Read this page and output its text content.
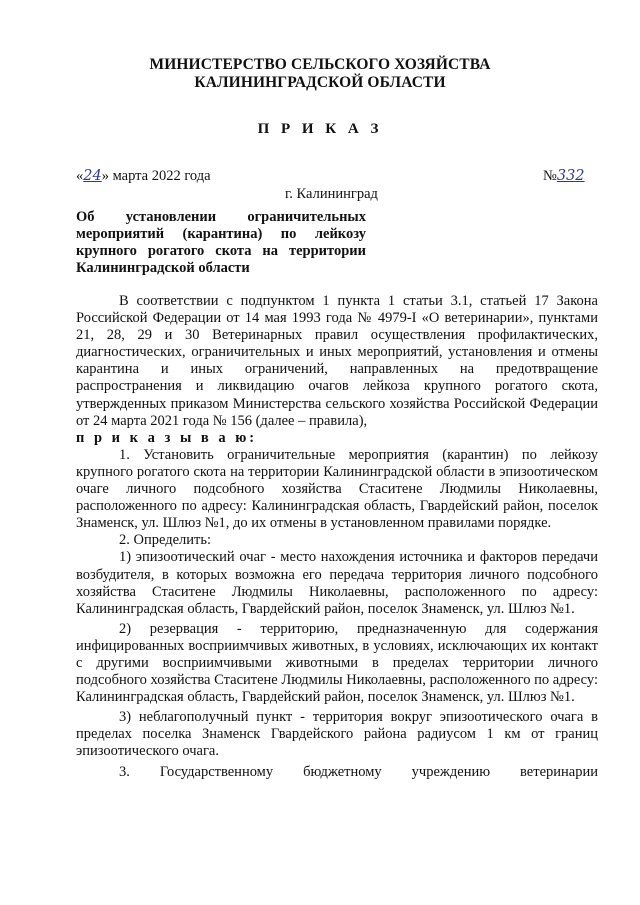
МИНИСТЕРСТВО СЕЛЬСКОГО ХОЗЯЙСТВА
КАЛИНИНГРАДСКОЙ ОБЛАСТИ
П Р И К А З
«24» марта 2022 года	№332
г. Калининград
Об установлении ограничительных
мероприятий (карантина) по лейкозу
крупного рогатого скота на территории
Калининградской области

В соответствии с подпунктом 1 пункта 1 статьи 3.1, статьей 17 Закона Российской Федерации от 14 мая 1993 года № 4979-I «О ветеринарии», пунктами 21, 28, 29 и 30 Ветеринарных правил осуществления профилактических, диагностических, ограничительных и иных мероприятий, установления и отмены карантина и иных ограничений, направленных на предотвращение распространения и ликвидацию очагов лейкоза крупного рогатого скота, утвержденных приказом Министерства сельского хозяйства Российской Федерации от 24 марта 2021 года № 156 (далее – правила),
п р и к а з ы в а ю:

1. Установить ограничительные мероприятия (карантин) по лейкозу крупного рогатого скота на территории Калининградской области в эпизоотическом очаге личного подсобного хозяйства Стаситене Людмилы Николаевны, расположенного по адресу: Калининградская область, Гвардейский район, поселок Знаменск, ул. Шлюз №1, до их отмены в установленном правилами порядке.

2. Определить:

1) эпизоотический очаг - место нахождения источника и факторов передачи возбудителя, в которых возможна его передача территория личного подсобного хозяйства Стаситене Людмилы Николаевны, расположенного по адресу: Калининградская область, Гвардейский район, поселок Знаменск, ул. Шлюз №1.

2) резервация - территорию, предназначенную для содержания инфицированных восприимчивых животных, в условиях, исключающих их контакт с другими восприимчивыми животными в пределах территории личного подсобного хозяйства Стаситене Людмилы Николаевны, расположенного по адресу: Калининградская область, Гвардейский район, поселок Знаменск, ул. Шлюз №1.

3) неблагополучный пункт - территория вокруг эпизоотического очага в пределах поселка Знаменск Гвардейского района радиусом 1 км от границ эпизоотического очага.

3. Государственному бюджетному учреждению ветеринарии
